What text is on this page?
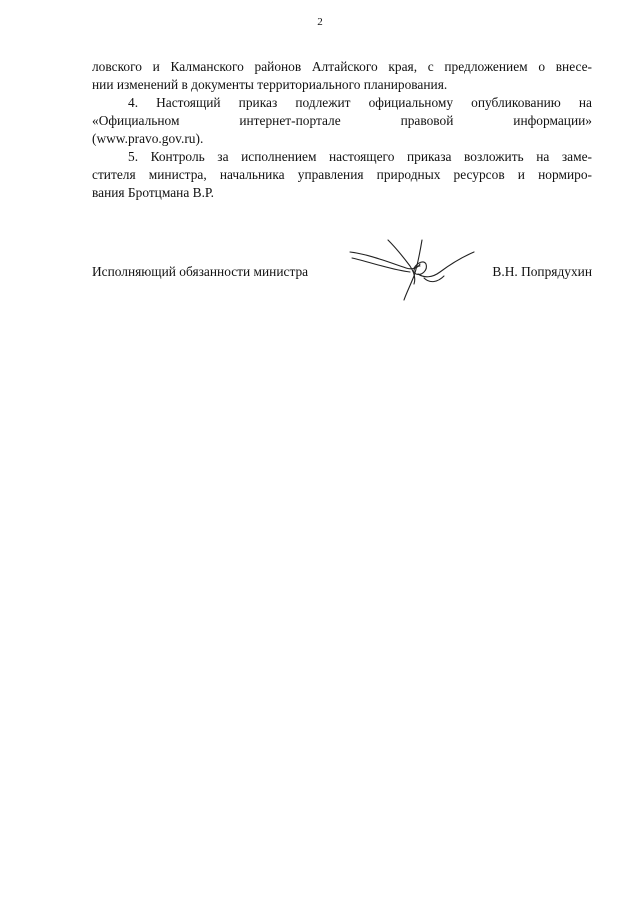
2
ловского и Калманского районов Алтайского края, с предложением о внесе-
нии изменений в документы территориального планирования.
4. Настоящий приказ подлежит официальному опубликованию на
«Официальном интернет-портале правовой информации»
(www.pravo.gov.ru).
5. Контроль за исполнением настоящего приказа возложить на заме-
стителя министра, начальника управления природных ресурсов и нормиро-
вания Бротцмана В.Р.
Исполняющий обязанности министра	В.Н. Попрядухин
